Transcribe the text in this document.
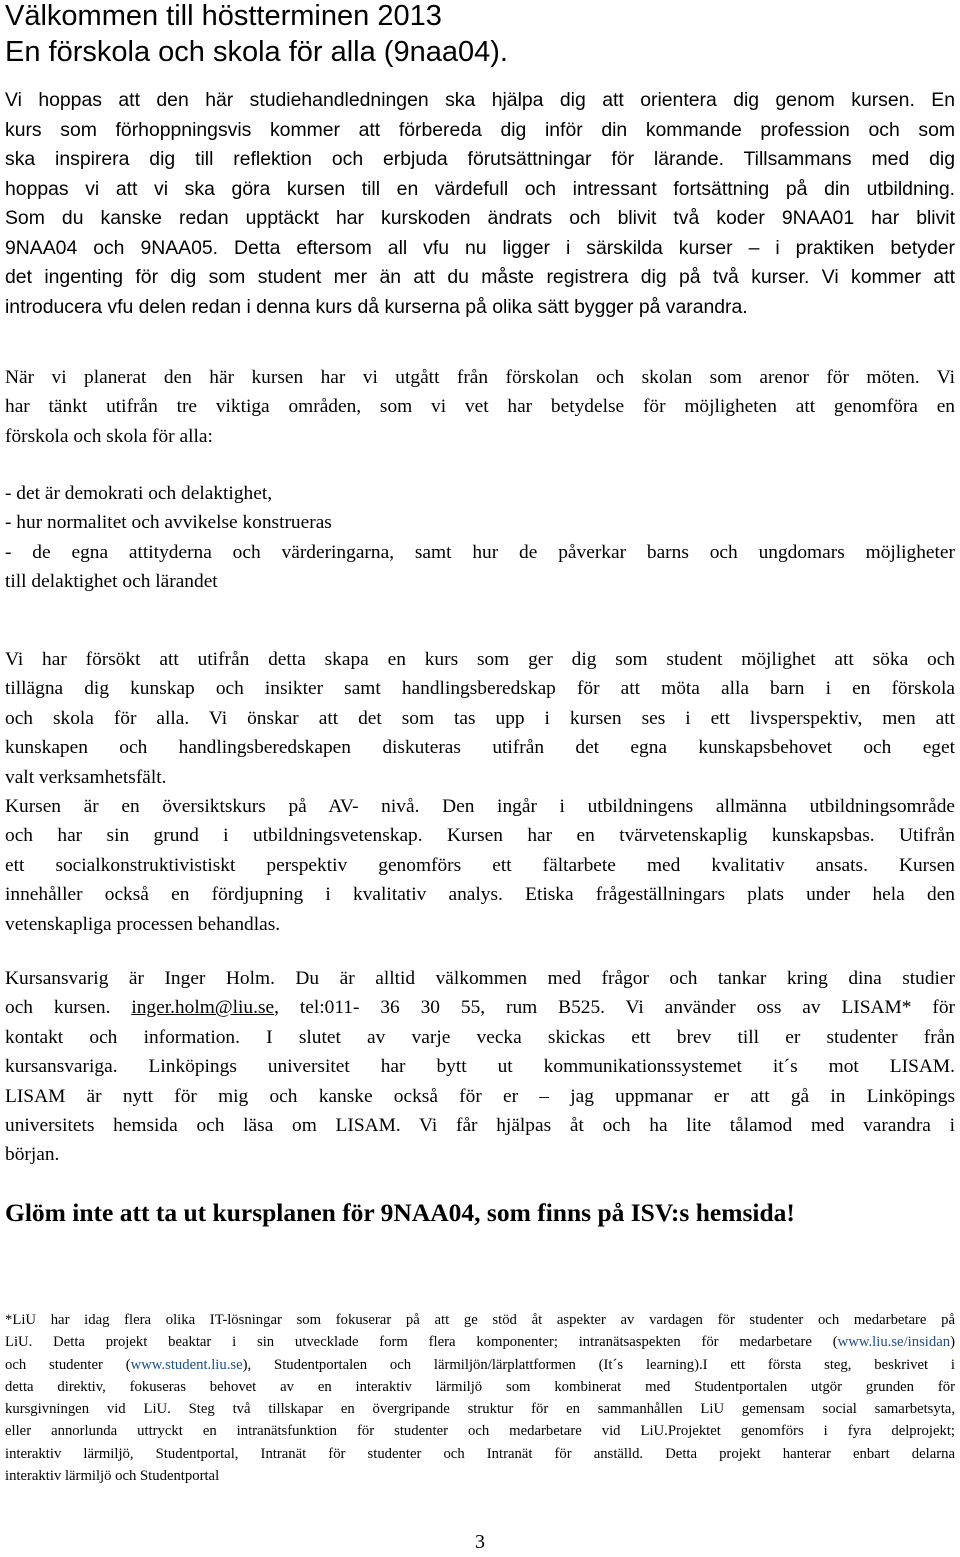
Välkommen till höstterminen 2013
En förskola och skola för alla (9naa04).
Vi hoppas att den här studiehandledningen ska hjälpa dig att orientera dig genom kursen. En
kurs som förhoppningsvis kommer att förbereda dig inför din kommande profession och som
ska inspirera dig till reflektion och erbjuda förutsättningar för lärande. Tillsammans med dig
hoppas vi att vi ska göra kursen till en värdefull och intressant fortsättning på din utbildning.
Som du kanske redan upptäckt har kurskoden ändrats och blivit två koder 9NAA01 har blivit
9NAA04 och 9NAA05. Detta eftersom all vfu nu ligger i särskilda kurser – i praktiken betyder
det ingenting för dig som student mer än att du måste registrera dig på två kurser. Vi kommer att
introducera vfu delen redan i denna kurs då kurserna på olika sätt bygger på varandra.
När vi planerat den här kursen har vi utgått från förskolan och skolan som arenor för möten. Vi
har tänkt utifrån tre viktiga områden, som vi vet har betydelse för möjligheten att genomföra en
förskola och skola för alla:
- det är demokrati och delaktighet,
- hur normalitet och avvikelse konstrueras
- de egna attityderna och värderingarna, samt hur de påverkar barns och ungdomars möjligheter
till delaktighet och lärandet
Vi har försökt att utifrån detta skapa en kurs som ger dig som student möjlighet att söka och
tillägna dig kunskap och insikter samt handlingsberedskap för att möta alla barn i en förskola
och skola för alla. Vi önskar att det som tas upp i kursen ses i ett livsperspektiv, men att
kunskapen och handlingsberedskapen diskuteras utifrån det egna kunskapsbehovet och eget
valt verksamhetsfält.
Kursen är en översiktskurs på AV- nivå. Den ingår i utbildningens allmänna utbildningsområde
och har sin grund i utbildningsvetenskap. Kursen har en tvärvetenskaplig kunskapsbas. Utifrån
ett socialkonstruktivistiskt perspektiv genomförs ett fältarbete med kvalitativ ansats. Kursen
innehåller också en fördjupning i kvalitativ analys. Etiska frågeställningars plats under hela den
vetenskapliga processen behandlas.
Kursansvarig är Inger Holm. Du är alltid välkommen med frågor och tankar kring dina studier
och kursen. inger.holm@liu.se, tel:011- 36 30 55, rum B525. Vi använder oss av LISAM* för
kontakt och information. I slutet av varje vecka skickas ett brev till er studenter från
kursansvariga. Linköpings universitet har bytt ut kommunikationssystemet it´s mot LISAM.
LISAM är nytt för mig och kanske också för er – jag uppmanar er att gå in Linköpings
universitets hemsida och läsa om LISAM. Vi får hjälpas åt och ha lite tålamod med varandra i
början.
Glöm inte att ta ut kursplanen för 9NAA04, som finns på ISV:s hemsida!
*LiU har idag flera olika IT-lösningar som fokuserar på att ge stöd åt aspekter av vardagen för studenter och medarbetare på
LiU. Detta projekt beaktar i sin utvecklade form flera komponenter; intranätsaspekten för medarbetare (www.liu.se/insidan)
och studenter (www.student.liu.se), Studentportalen och lärmiljön/lärplattformen (It´s learning).I ett första steg, beskrivet i
detta direktiv, fokuseras behovet av en interaktiv lärmiljö som kombinerat med Studentportalen utgör grunden för
kursgivningen vid LiU. Steg två tillskapar en övergripande struktur för en sammanhållen LiU gemensam social samarbetsyta,
eller annorlunda uttryckt en intranätsfunktion för studenter och medarbetare vid LiU.Projektet genomförs i fyra delprojekt;
interaktiv lärmiljö, Studentportal, Intranät för studenter och Intranät för anställd. Detta projekt hanterar enbart delarna
interaktiv lärmiljö och Studentportal
3
